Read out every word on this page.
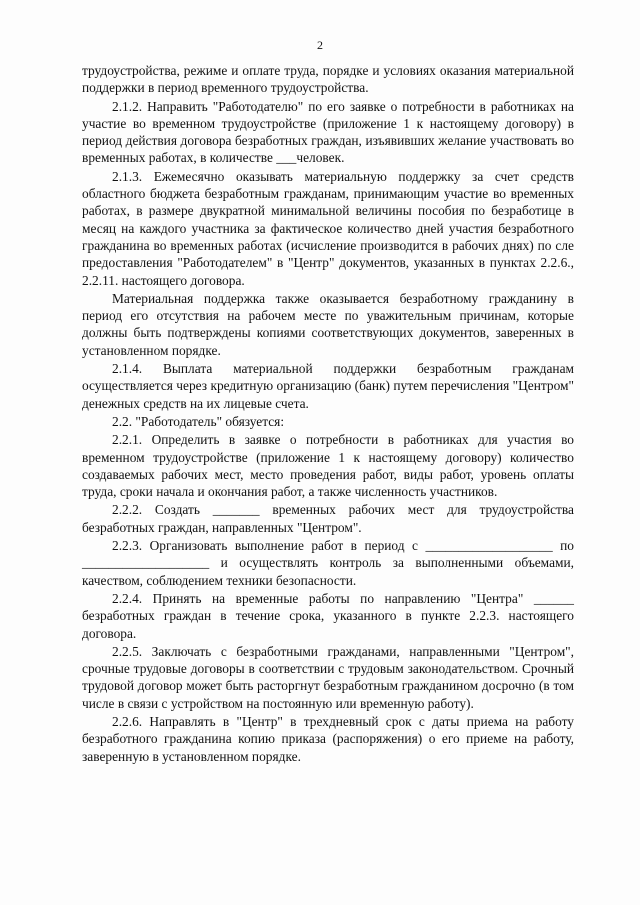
2

трудоустройства, режиме и оплате труда, порядке и условиях оказания материальной поддержки в период временного трудоустройства.

2.1.2. Направить "Работодателю" по его заявке о потребности в работниках на участие во временном трудоустройстве (приложение 1 к настоящему договору) в период действия договора безработных граждан, изъявивших желание участвовать во временных работах, в количестве ___человек.

2.1.3. Ежемесячно оказывать материальную поддержку за счет средств областного бюджета безработным гражданам, принимающим участие во временных работах, в размере двукратной минимальной величины пособия по безработице в месяц на каждого участника за фактическое количество дней участия безработного гражданина во временных работах (исчисление производится в рабочих днях) по сле предоставления "Работодателем" в "Центр" документов, указанных в пунктах 2.2.6., 2.2.11. настоящего договора.

Материальная поддержка также оказывается безработному гражданину в период его отсутствия на рабочем месте по уважительным причинам, которые должны быть подтверждены копиями соответствующих документов, заверенных в установленном порядке.

2.1.4. Выплата материальной поддержки безработным гражданам осуществляется через кредитную организацию (банк) путем перечисления "Центром" денежных средств на их лицевые счета.

2.2. "Работодатель" обязуется:

2.2.1. Определить в заявке о потребности в работниках для участия во временном трудоустройстве (приложение 1 к настоящему договору) количество создаваемых рабочих мест, место проведения работ, виды работ, уровень оплаты труда, сроки начала и окончания работ, а также численность участников.

2.2.2. Создать _______ временных рабочих мест для трудоустройства безработных граждан, направленных "Центром".

2.2.3. Организовать выполнение работ в период с ___________________ по ___________________ и осуществлять контроль за выполненными объемами, качеством, соблюдением техники безопасности.

2.2.4. Принять на временные работы по направлению "Центра" ______ безработных граждан в течение срока, указанного в пункте 2.2.3. настоящего договора.

2.2.5. Заключать с безработными гражданами, направленными "Центром", срочные трудовые договоры в соответствии с трудовым законодательством. Срочный трудовой договор может быть расторгнут безработным гражданином досрочно (в том числе в связи с устройством на постоянную или временную работу).

2.2.6. Направлять в "Центр" в трехдневный срок с даты приема на работу безработного гражданина копию приказа (распоряжения) о его приеме на работу, заверенную в установленном порядке.
